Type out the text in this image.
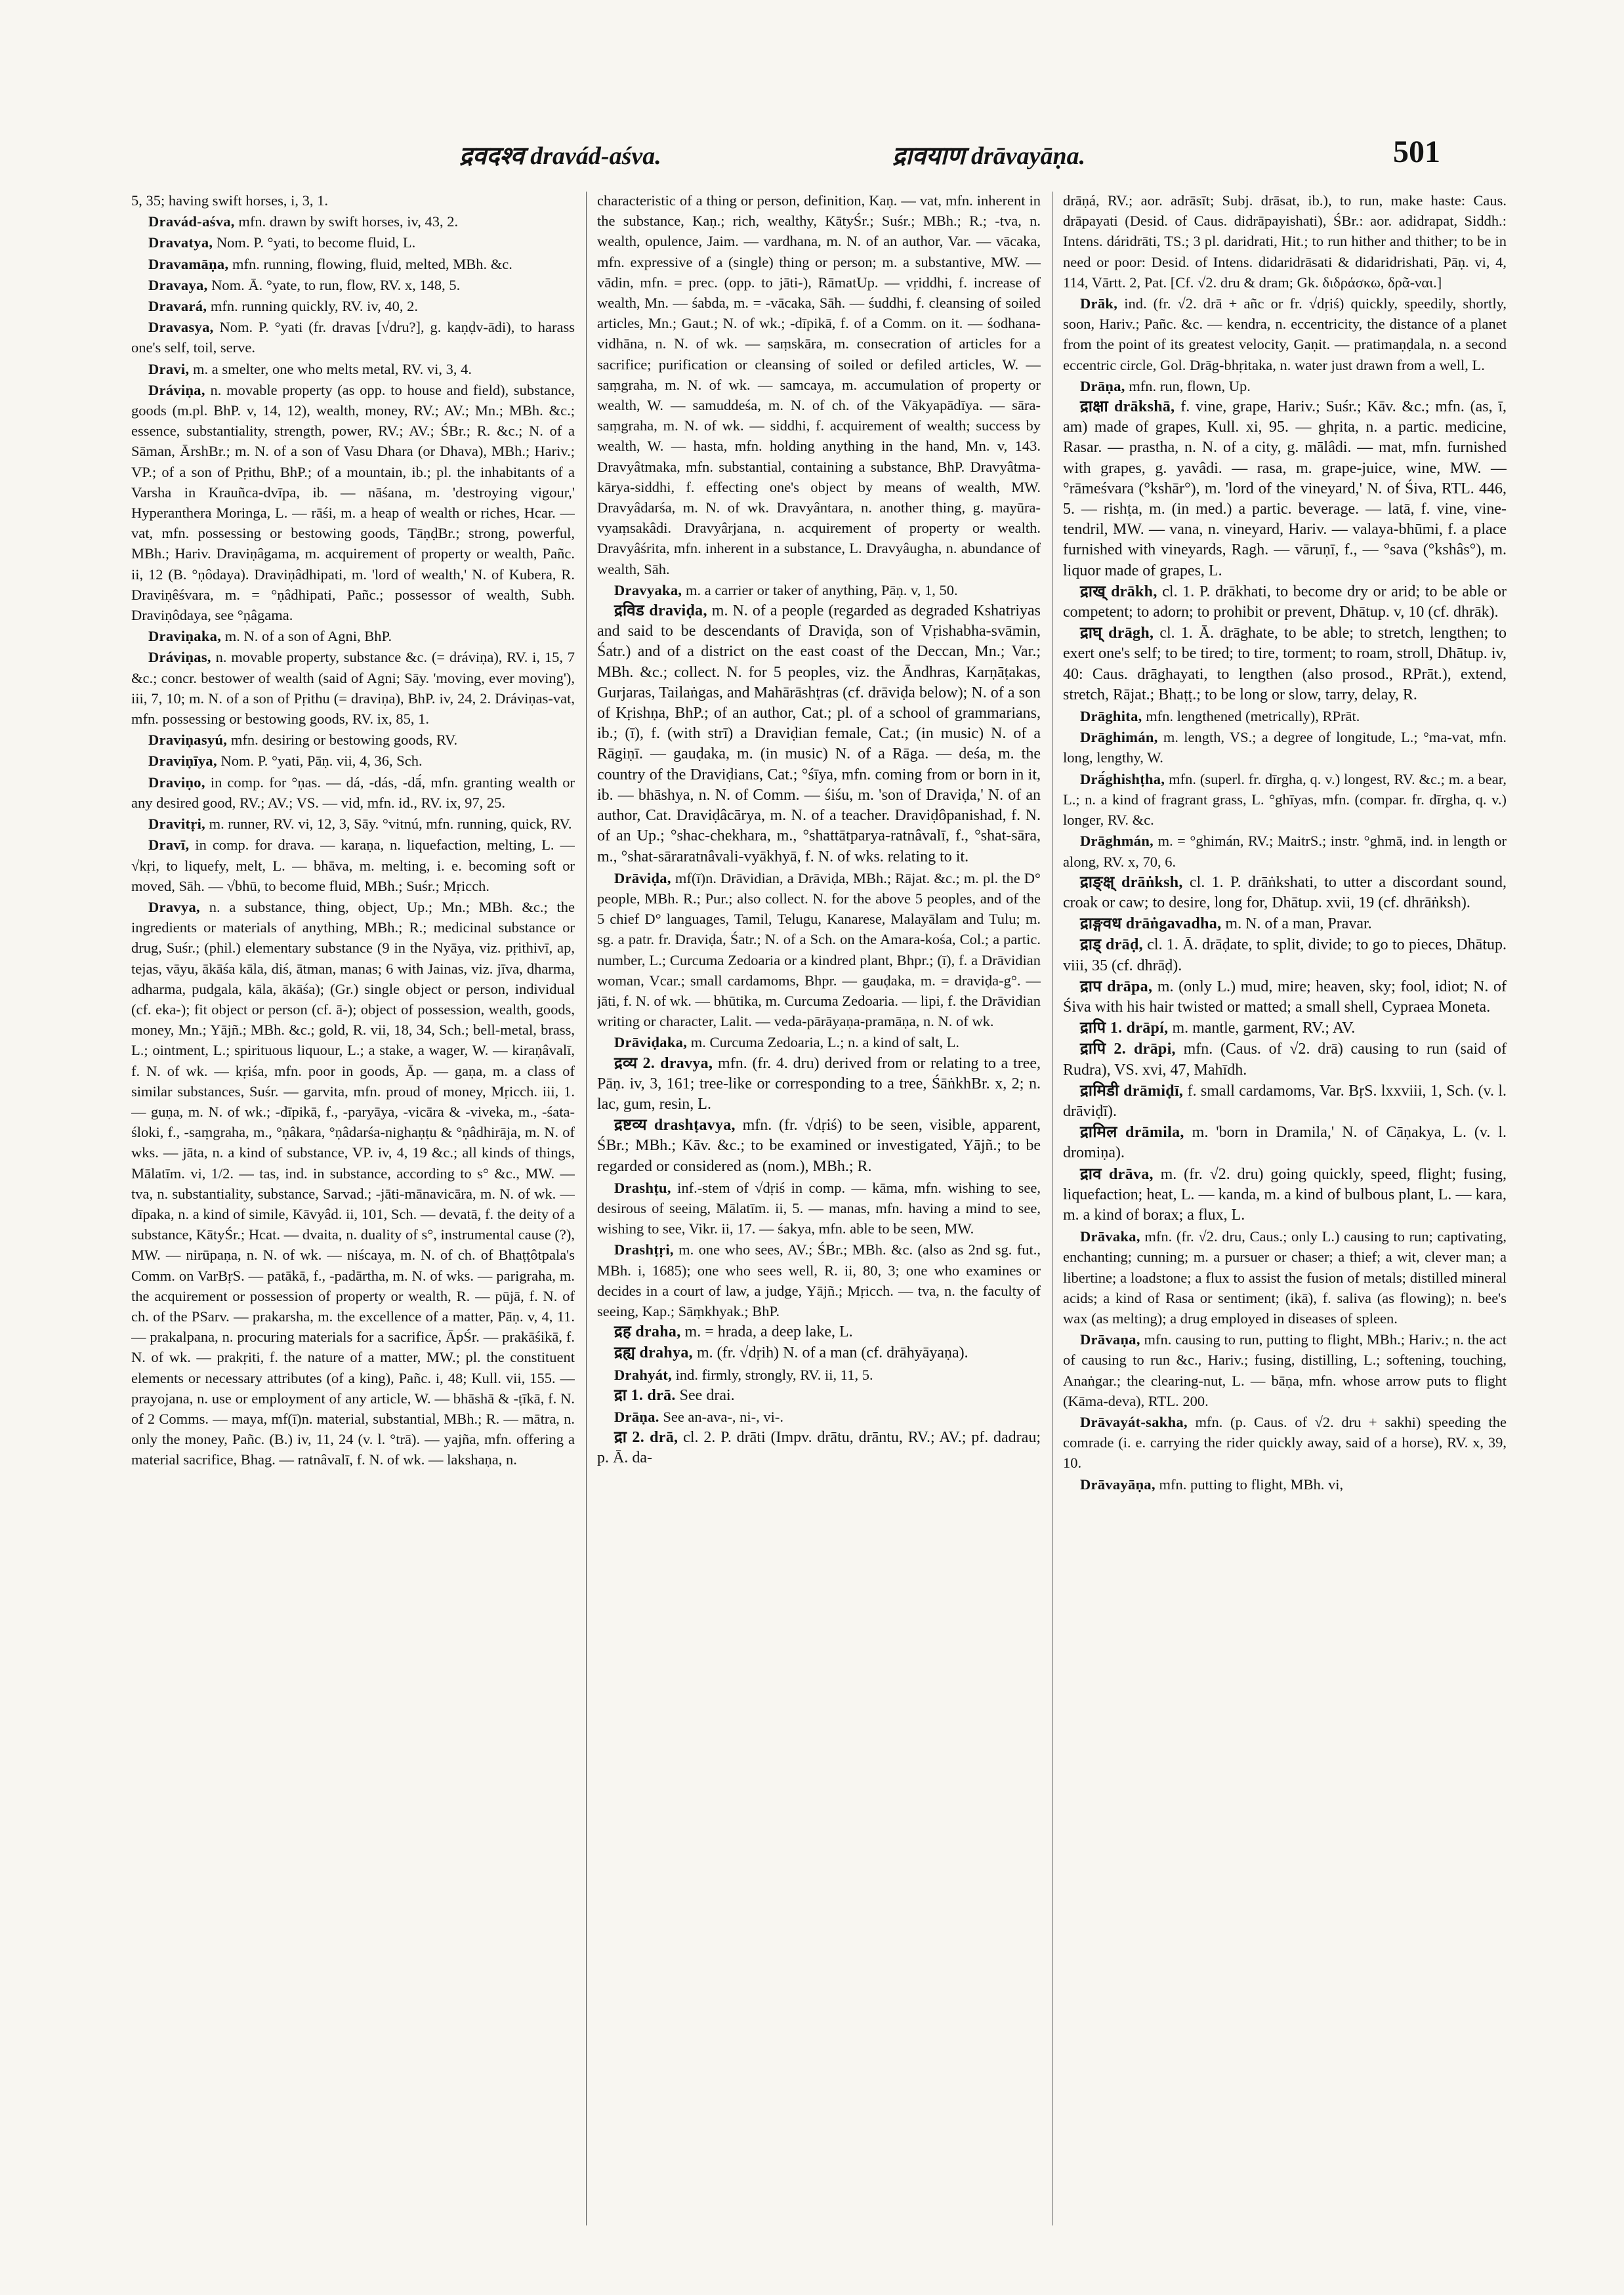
द्रवदश्व dravád-aśva.	द्रावयाण drāvayāṇa.	501

5, 35; having swift horses, i, 3, 1.

Dravád-aśva, mfn. drawn by swift horses, iv, 43, 2.

Dravatya, Nom. P. °yati, to become fluid, L.

Dravamāṇa, mfn. running, flowing, fluid, melted, MBh. &c.

Dravaya, Nom. Ā. °yate, to run, flow, RV. x, 148, 5.

Dravará, mfn. running quickly, RV. iv, 40, 2.

Dravasya, Nom. P. °yati (fr. dravas [√dru?], g. kaṇḍv-ādi), to harass one's self, toil, serve.

Dravi, m. a smelter, one who melts metal, RV. vi, 3, 4.

Dráviṇa, n. movable property (as opp. to house and field), substance, goods (m.pl. BhP. v, 14, 12), wealth, money, RV.; AV.; Mn.; MBh. &c.; essence, substantiality, strength, power, RV.; AV.; ŚBr.; R. &c.; N. of a Sāman, ĀrshBr.; m. N. of a son of Vasu Dhara (or Dhava), MBh.; Hariv.; VP.; of a son of Pṛithu, BhP.; of a mountain, ib.; pl. the inhabitants of a Varsha in Krauñca-dvīpa, ib. — nāśana, m. 'destroying vigour,' Hyperanthera Moringa, L. — rāśi, m. a heap of wealth or riches, Hcar. — vat, mfn. possessing or bestowing goods, TāṇḍBr.; strong, powerful, MBh.; Hariv. Draviṇâgama, m. acquirement of property or wealth, Pañc. ii, 12 (B. °ṇôdaya). Draviṇâdhipati, m. 'lord of wealth,' N. of Kubera, R. Draviṇêśvara, m. = °ṇâdhipati, Pañc.; possessor of wealth, Subh. Draviṇôdaya, see °ṇâgama.

Draviṇaka, m. N. of a son of Agni, BhP.

Dráviṇas, n. movable property, substance &c. (= dráviṇa), RV. i, 15, 7 &c.; concr. bestower of wealth (said of Agni; Sāy. 'moving, ever moving'), iii, 7, 10; m. N. of a son of Pṛithu (= draviṇa), BhP. iv, 24, 2. Dráviṇas-vat, mfn. possessing or bestowing goods, RV. ix, 85, 1.

Draviṇasyú, mfn. desiring or bestowing goods, RV.

Draviṇīya, Nom. P. °yati, Pāṇ. vii, 4, 36, Sch.

Draviṇo, in comp. for °ṇas. — dá, -dás, -dā́, mfn. granting wealth or any desired good, RV.; AV.; VS. — vid, mfn. id., RV. ix, 97, 25.

Dravitṛi, m. runner, RV. vi, 12, 3, Sāy. °vitnú, mfn. running, quick, RV.

Dravī, in comp. for drava. — karaṇa, n. liquefaction, melting, L. — √kṛi, to liquefy, melt, L. — bhāva, m. melting, i. e. becoming soft or moved, Sāh. — √bhū, to become fluid, MBh.; Suśr.; Mṛicch.

Dravya, n. a substance, thing, object, Up.; Mn.; MBh. &c.; the ingredients or materials of anything, MBh.; R.; medicinal substance or drug, Suśr.; (phil.) elementary substance (9 in the Nyāya, viz. pṛithivī, ap, tejas, vāyu, ākāśa kāla, diś, ātman, manas; 6 with Jainas, viz. jīva, dharma, adharma, pudgala, kāla, ākāśa); (Gr.) single object or person, individual (cf. eka-); fit object or person (cf. ā-); object of possession, wealth, goods, money, Mn.; Yājñ.; MBh. &c.; gold, R. vii, 18, 34, Sch.; bell-metal, brass, L.; ointment, L.; spirituous liquour, L.; a stake, a wager, W. — kiraṇâvalī, f. N. of wk. — kṛiśa, mfn. poor in goods, Āp. — gaṇa, m. a class of similar substances, Suśr. — garvita, mfn. proud of money, Mṛicch. iii, 1. — guṇa, m. N. of wk.; -dīpikā, f., -paryāya, -vicāra & -viveka, m., -śata-śloki, f., -saṃgraha, m., °ṇâkara, °ṇâdarśa-nighaṇṭu & °ṇâdhirāja, m. N. of wks. — jāta, n. a kind of substance, VP. iv, 4, 19 &c.; all kinds of things, Mālatīm. vi, 1/2. — tas, ind. in substance, according to s° &c., MW. — tva, n. substantiality, substance, Sarvad.; -jāti-mānavicāra, m. N. of wk. — dīpaka, n. a kind of simile, Kāvyâd. ii, 101, Sch. — devatā, f. the deity of a substance, KātyŚr.; Hcat. — dvaita, n. duality of s°, instrumental cause (?), MW. — nirūpaṇa, n. N. of wk. — niścaya, m. N. of ch. of Bhaṭṭôtpala's Comm. on VarBṛS. — patākā, f., -padārtha, m. N. of wks. — parigraha, m. the acquirement or possession of property or wealth, R. — pūjā, f. N. of ch. of the PSarv. — prakarsha, m. the excellence of a matter, Pāṇ. v, 4, 11. — prakalpana, n. procuring materials for a sacrifice, ĀpŚr. — prakāśikā, f. N. of wk. — prakṛiti, f. the nature of a matter, MW.; pl. the constituent elements or necessary attributes (of a king), Pañc. i, 48; Kull. vii, 155. — prayojana, n. use or employment of any article, W. — bhāshā & -ṭīkā, f. N. of 2 Comms. — maya, mf(ī)n. material, substantial, MBh.; R. — mātra, n. only the money, Pañc. (B.) iv, 11, 24 (v. l. °trā). — yajña, mfn. offering a material sacrifice, Bhag. — ratnâvalī, f. N. of wk. — lakshaṇa, n.

characteristic of a thing or person, definition, Kaṇ. — vat, mfn. inherent in the substance, Kaṇ.; rich, wealthy, KātyŚr.; Suśr.; MBh.; R.; -tva, n. wealth, opulence, Jaim. — vardhana, m. N. of an author, Var. — vācaka, mfn. expressive of a (single) thing or person; m. a substantive, MW. — vādin, mfn. = prec. (opp. to jāti-), RāmatUp. — vṛiddhi, f. increase of wealth, Mn. — śabda, m. = -vācaka, Sāh. — śuddhi, f. cleansing of soiled articles, Mn.; Gaut.; N. of wk.; -dīpikā, f. of a Comm. on it. — śodhana-vidhāna, n. N. of wk. — saṃskāra, m. consecration of articles for a sacrifice; purification or cleansing of soiled or defiled articles, W. — saṃgraha, m. N. of wk. — samcaya, m. accumulation of property or wealth, W. — samuddeśa, m. N. of ch. of the Vākyapādīya. — sāra-saṃgraha, m. N. of wk. — siddhi, f. acquirement of wealth; success by wealth, W. — hasta, mfn. holding anything in the hand, Mn. v, 143. Dravyâtmaka, mfn. substantial, containing a substance, BhP. Dravyâtma-kārya-siddhi, f. effecting one's object by means of wealth, MW. Dravyâdarśa, m. N. of wk. Dravyântara, n. another thing, g. mayūra-vyaṃsakâdi. Dravyârjana, n. acquirement of property or wealth. Dravyâśrita, mfn. inherent in a substance, L. Dravyâugha, n. abundance of wealth, Sāh.

Dravyaka, m. a carrier or taker of anything, Pāṇ. v, 1, 50.

द्रविड draviḍa, m. N. of a people (regarded as degraded Kshatriyas and said to be descendants of Draviḍa, son of Vṛishabha-svāmin, Śatr.) and of a district on the east coast of the Deccan, Mn.; Var.; MBh. &c.; collect. N. for 5 peoples, viz. the Āndhras, Karṇāṭakas, Gurjaras, Tailaṅgas, and Mahārāshṭras (cf. drāviḍa below); N. of a son of Kṛishṇa, BhP.; of an author, Cat.; pl. of a school of grammarians, ib.; (ī), f. (with strī) a Draviḍian female, Cat.; (in music) N. of a Rāgiṇī. — gauḍaka, m. (in music) N. of a Rāga. — deśa, m. the country of the Draviḍians, Cat.; °śīya, mfn. coming from or born in it, ib. — bhāshya, n. N. of Comm. — śiśu, m. 'son of Draviḍa,' N. of an author, Cat. Draviḍâcārya, m. N. of a teacher. Draviḍôpanishad, f. N. of an Up.; °shac-chekhara, m., °shattātparya-ratnâvalī, f., °shat-sāra, m., °shat-sāraratnâvali-vyākhyā, f. N. of wks. relating to it.

Drāviḍa, mf(ī)n. Drāvidian, a Drāviḍa, MBh.; Rājat. &c.; m. pl. the D° people, MBh. R.; Pur.; also collect. N. for the above 5 peoples, and of the 5 chief D° languages, Tamil, Telugu, Kanarese, Malayālam and Tulu; m. sg. a patr. fr. Draviḍa, Śatr.; N. of a Sch. on the Amara-kośa, Col.; a partic. number, L.; Curcuma Zedoaria or a kindred plant, Bhpr.; (ī), f. a Drāvidian woman, Vcar.; small cardamoms, Bhpr. — gauḍaka, m. = draviḍa-g°. — jāti, f. N. of wk. — bhūtika, m. Curcuma Zedoaria. — lipi, f. the Drāvidian writing or character, Lalit. — veda-pārāyaṇa-pramāṇa, n. N. of wk.

Drāviḍaka, m. Curcuma Zedoaria, L.; n. a kind of salt, L.

द्रव्य 2. dravya, mfn. (fr. 4. dru) derived from or relating to a tree, Pāṇ. iv, 3, 161; tree-like or corresponding to a tree, ŚāṅkhBr. x, 2; n. lac, gum, resin, L.

द्रष्टव्य drashṭavya, mfn. (fr. √dṛiś) to be seen, visible, apparent, ŚBr.; MBh.; Kāv. &c.; to be examined or investigated, Yājñ.; to be regarded or considered as (nom.), MBh.; R.

Drashṭu, inf.-stem of √dṛiś in comp. — kāma, mfn. wishing to see, desirous of seeing, Mālatīm. ii, 5. — manas, mfn. having a mind to see, wishing to see, Vikr. ii, 17. — śakya, mfn. able to be seen, MW.

Drashṭṛi, m. one who sees, AV.; ŚBr.; MBh. &c. (also as 2nd sg. fut., MBh. i, 1685); one who sees well, R. ii, 80, 3; one who examines or decides in a court of law, a judge, Yājñ.; Mṛicch. — tva, n. the faculty of seeing, Kap.; Sāṃkhyak.; BhP.

द्रह draha, m. = hrada, a deep lake, L.

द्रह्य drahya, m. (fr. √dṛih) N. of a man (cf. drāhyāyaṇa).

Drahyát, ind. firmly, strongly, RV. ii, 11, 5.

द्रा 1. drā. See drai.

Drāṇa. See an-ava-, ni-, vi-.

द्रा 2. drā, cl. 2. P. drāti (Impv. drātu, drāntu, RV.; AV.; pf. dadrau; p. Ā. da-

drāṇá, RV.; aor. adrāsīt; Subj. drāsat, ib.), to run, make haste: Caus. drāpayati (Desid. of Caus. didrāpayishati), ŚBr.: aor. adidrapat, Siddh.: Intens. dáridrāti, TS.; 3 pl. daridrati, Hit.; to run hither and thither; to be in need or poor: Desid. of Intens. didaridrāsati & didaridrishati, Pāṇ. vi, 4, 114, Vārtt. 2, Pat. [Cf. √2. dru & dram; Gk. διδράσκω, δρᾶ-ναι.]

Drāk, ind. (fr. √2. drā + añc or fr. √dṛiś) quickly, speedily, shortly, soon, Hariv.; Pañc. &c. — kendra, n. eccentricity, the distance of a planet from the point of its greatest velocity, Gaṇit. — pratimaṇḍala, n. a second eccentric circle, Gol. Drāg-bhṛitaka, n. water just drawn from a well, L.

Drāṇa, mfn. run, flown, Up.

द्राक्षा drākshā, f. vine, grape, Hariv.; Suśr.; Kāv. &c.; mfn. (as, ī, am) made of grapes, Kull. xi, 95. — ghṛita, n. a partic. medicine, Rasar. — prastha, n. N. of a city, g. mālâdi. — mat, mfn. furnished with grapes, g. yavâdi. — rasa, m. grape-juice, wine, MW. — °rāmeśvara (°kshār°), m. 'lord of the vineyard,' N. of Śiva, RTL. 446, 5. — rishṭa, m. (in med.) a partic. beverage. — latā, f. vine, vine-tendril, MW. — vana, n. vineyard, Hariv. — valaya-bhūmi, f. a place furnished with vineyards, Ragh. — vāruṇī, f., — °sava (°kshâs°), m. liquor made of grapes, L.

द्राख् drākh, cl. 1. P. drākhati, to become dry or arid; to be able or competent; to adorn; to prohibit or prevent, Dhātup. v, 10 (cf. dhrāk).

द्राघ् drāgh, cl. 1. Ā. drāghate, to be able; to stretch, lengthen; to exert one's self; to be tired; to tire, torment; to roam, stroll, Dhātup. iv, 40: Caus. drāghayati, to lengthen (also prosod., RPrāt.), extend, stretch, Rājat.; Bhaṭṭ.; to be long or slow, tarry, delay, R.

Drāghita, mfn. lengthened (metrically), RPrāt.

Drāghimán, m. length, VS.; a degree of longitude, L.; °ma-vat, mfn. long, lengthy, W.

Drā́ghishṭha, mfn. (superl. fr. dīrgha, q. v.) longest, RV. &c.; m. a bear, L.; n. a kind of fragrant grass, L. °ghīyas, mfn. (compar. fr. dīrgha, q. v.) longer, RV. &c.

Drāghmán, m. = °ghimán, RV.; MaitrS.; instr. °ghmā, ind. in length or along, RV. x, 70, 6.

द्राङ्क्ष् drāṅksh, cl. 1. P. drāṅkshati, to utter a discordant sound, croak or caw; to desire, long for, Dhātup. xvii, 19 (cf. dhrāṅksh).

द्राङ्गवध drāṅgavadha, m. N. of a man, Pravar.

द्राड् drāḍ, cl. 1. Ā. drāḍate, to split, divide; to go to pieces, Dhātup. viii, 35 (cf. dhrāḍ).

द्राप drāpa, m. (only L.) mud, mire; heaven, sky; fool, idiot; N. of Śiva with his hair twisted or matted; a small shell, Cypraea Moneta.

द्रापि 1. drāpí, m. mantle, garment, RV.; AV.

द्रापि 2. drāpi, mfn. (Caus. of √2. drā) causing to run (said of Rudra), VS. xvi, 47, Mahīdh.

द्रामिडी drāmiḍī, f. small cardamoms, Var. BṛS. lxxviii, 1, Sch. (v. l. drāviḍī).

द्रामिल drāmila, m. 'born in Dramila,' N. of Cāṇakya, L. (v. l. dromiṇa).

द्राव drāva, m. (fr. √2. dru) going quickly, speed, flight; fusing, liquefaction; heat, L. — kanda, m. a kind of bulbous plant, L. — kara, m. a kind of borax; a flux, L.

Drāvaka, mfn. (fr. √2. dru, Caus.; only L.) causing to run; captivating, enchanting; cunning; m. a pursuer or chaser; a thief; a wit, clever man; a libertine; a loadstone; a flux to assist the fusion of metals; distilled mineral acids; a kind of Rasa or sentiment; (ikā), f. saliva (as flowing); n. bee's wax (as melting); a drug employed in diseases of spleen.

Drāvaṇa, mfn. causing to run, putting to flight, MBh.; Hariv.; n. the act of causing to run &c., Hariv.; fusing, distilling, L.; softening, touching, Anaṅgar.; the clearing-nut, L. — bāṇa, mfn. whose arrow puts to flight (Kāma-deva), RTL. 200.

Drāvayát-sakha, mfn. (p. Caus. of √2. dru + sakhi) speeding the comrade (i. e. carrying the rider quickly away, said of a horse), RV. x, 39, 10.

Drāvayāṇa, mfn. putting to flight, MBh. vi,
